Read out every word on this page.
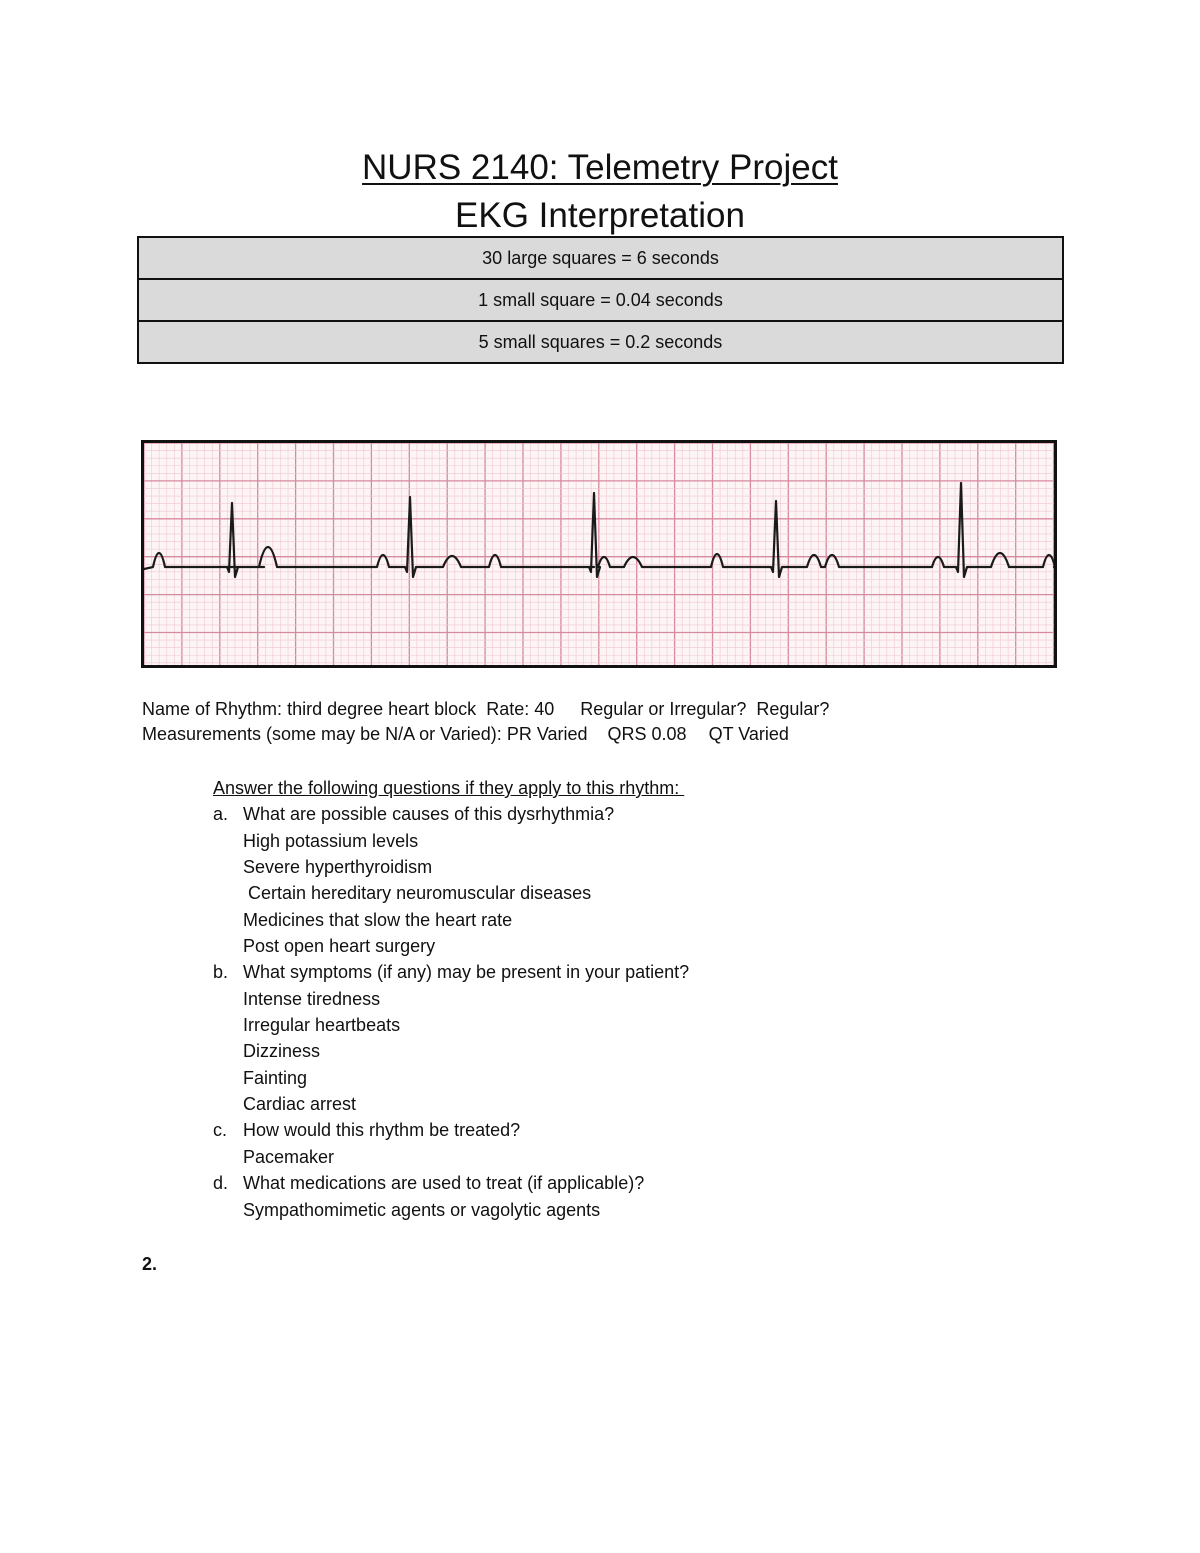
NURS 2140: Telemetry Project
EKG Interpretation
30 large squares = 6 seconds
1 small square = 0.04 seconds
5 small squares = 0.2 seconds

Name of Rhythm: third degree heart block Rate: 40 Regular or Irregular? Regular?

Measurements (some may be N/A or Varied): PR Varied QRS 0.08 QT Varied

Answer the following questions if they apply to this rhythm:

a. What are possible causes of this dysrhythmia?
High potassium levels
Severe hyperthyroidism
Certain hereditary neuromuscular diseases
Medicines that slow the heart rate
Post open heart surgery
b. What symptoms (if any) may be present in your patient?
Intense tiredness
Irregular heartbeats
Dizziness
Fainting
Cardiac arrest
c. How would this rhythm be treated?
Pacemaker
d. What medications are used to treat (if applicable)?
Sympathomimetic agents or vagolytic agents

2.
